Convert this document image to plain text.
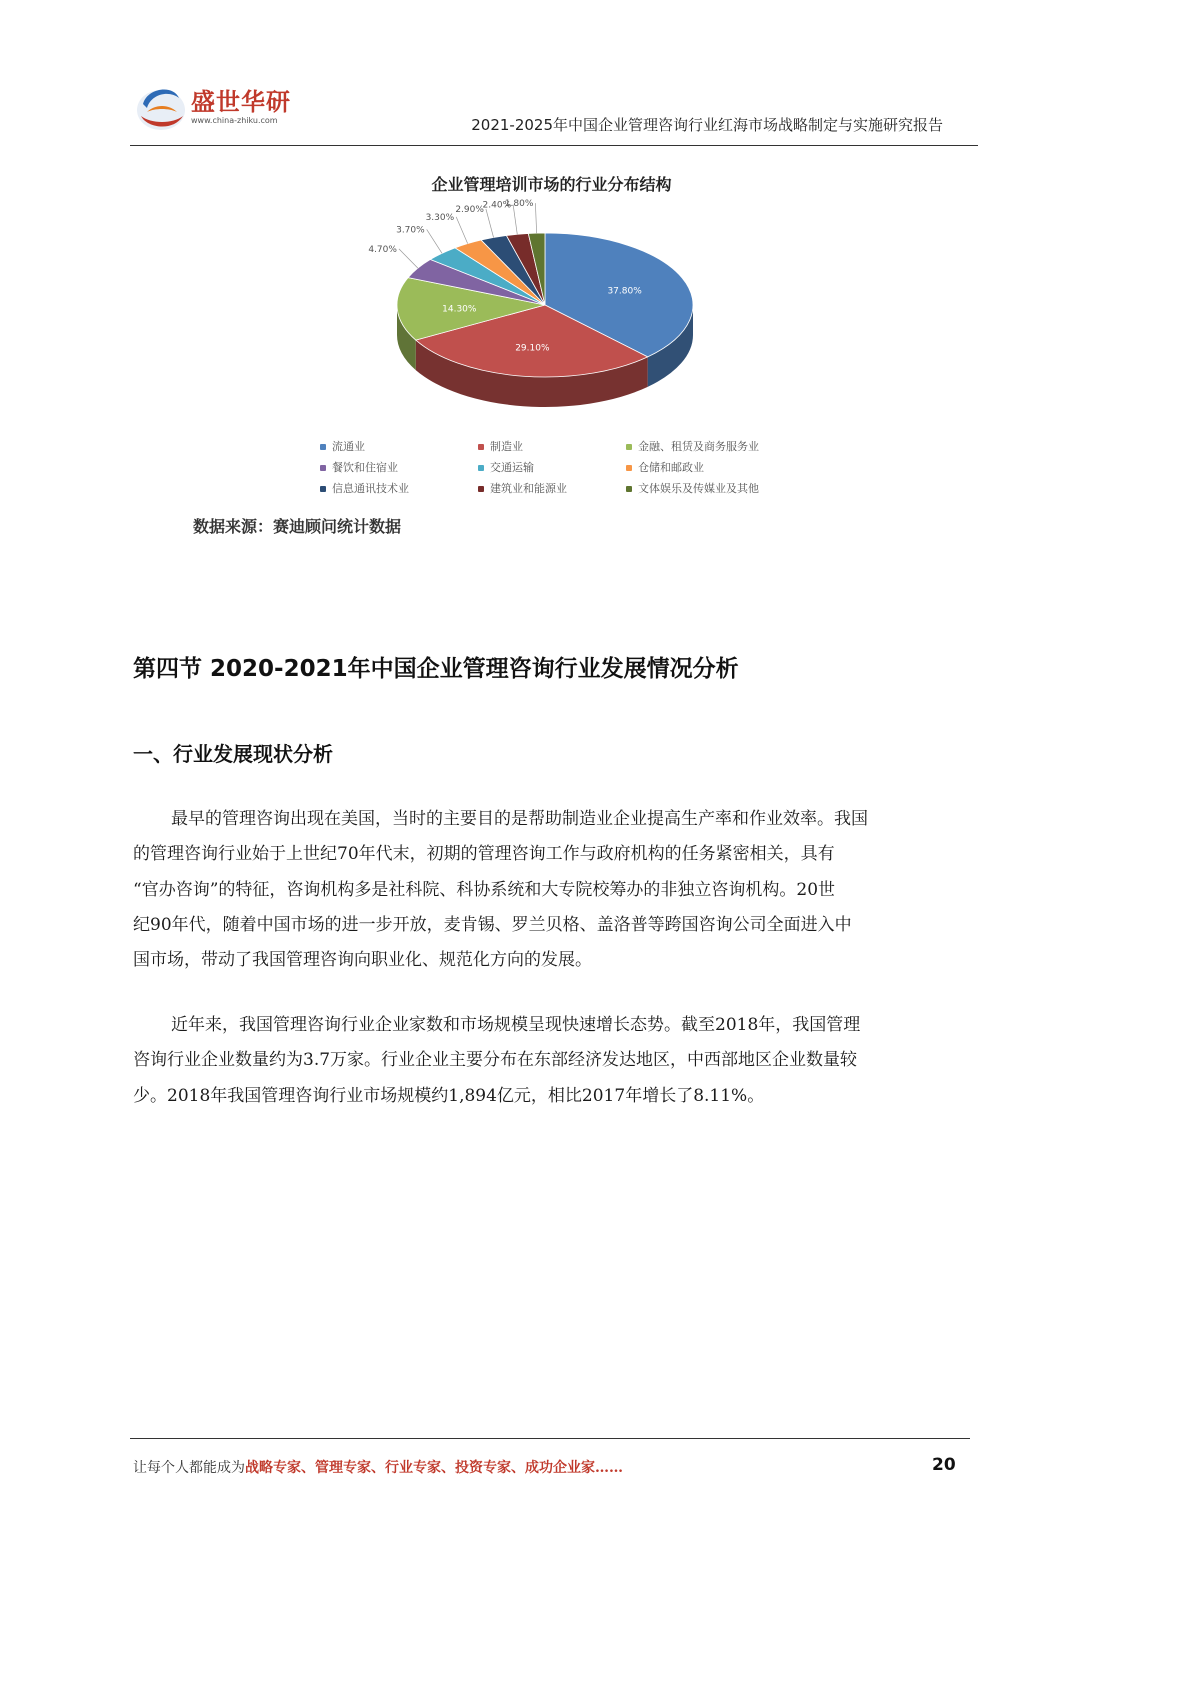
盛世华研
www.china-zhiku.com	2021-2025年中国企业管理咨询行业红海市场战略制定与实施研究报告
企业管理培训市场的行业分布结构
37.80%
29.10%
14.30%
4.70%
3.70%
3.30%
2.90%
2.40%
1.80%
流通业	制造业	金融、租赁及商务服务业
餐饮和住宿业	交通运输	仓储和邮政业
信息通讯技术业	建筑业和能源业	文体娱乐及传媒业及其他
数据来源：赛迪顾问统计数据
第四节 2020-2021年中国企业管理咨询行业发展情况分析
一、行业发展现状分析
最早的管理咨询出现在美国，当时的主要目的是帮助制造业企业提高生产率和作业效率。我国
的管理咨询行业始于上世纪70年代末，初期的管理咨询工作与政府机构的任务紧密相关，具有
“官办咨询”的特征，咨询机构多是社科院、科协系统和大专院校筹办的非独立咨询机构。20世
纪90年代，随着中国市场的进一步开放，麦肯锡、罗兰贝格、盖洛普等跨国咨询公司全面进入中
国市场，带动了我国管理咨询向职业化、规范化方向的发展。
近年来，我国管理咨询行业企业家数和市场规模呈现快速增长态势。截至2018年，我国管理
咨询行业企业数量约为3.7万家。行业企业主要分布在东部经济发达地区，中西部地区企业数量较
少。2018年我国管理咨询行业市场规模约1,894亿元，相比2017年增长了8.11%。
让每个人都能成为战略专家、管理专家、行业专家、投资专家、成功企业家……	20
